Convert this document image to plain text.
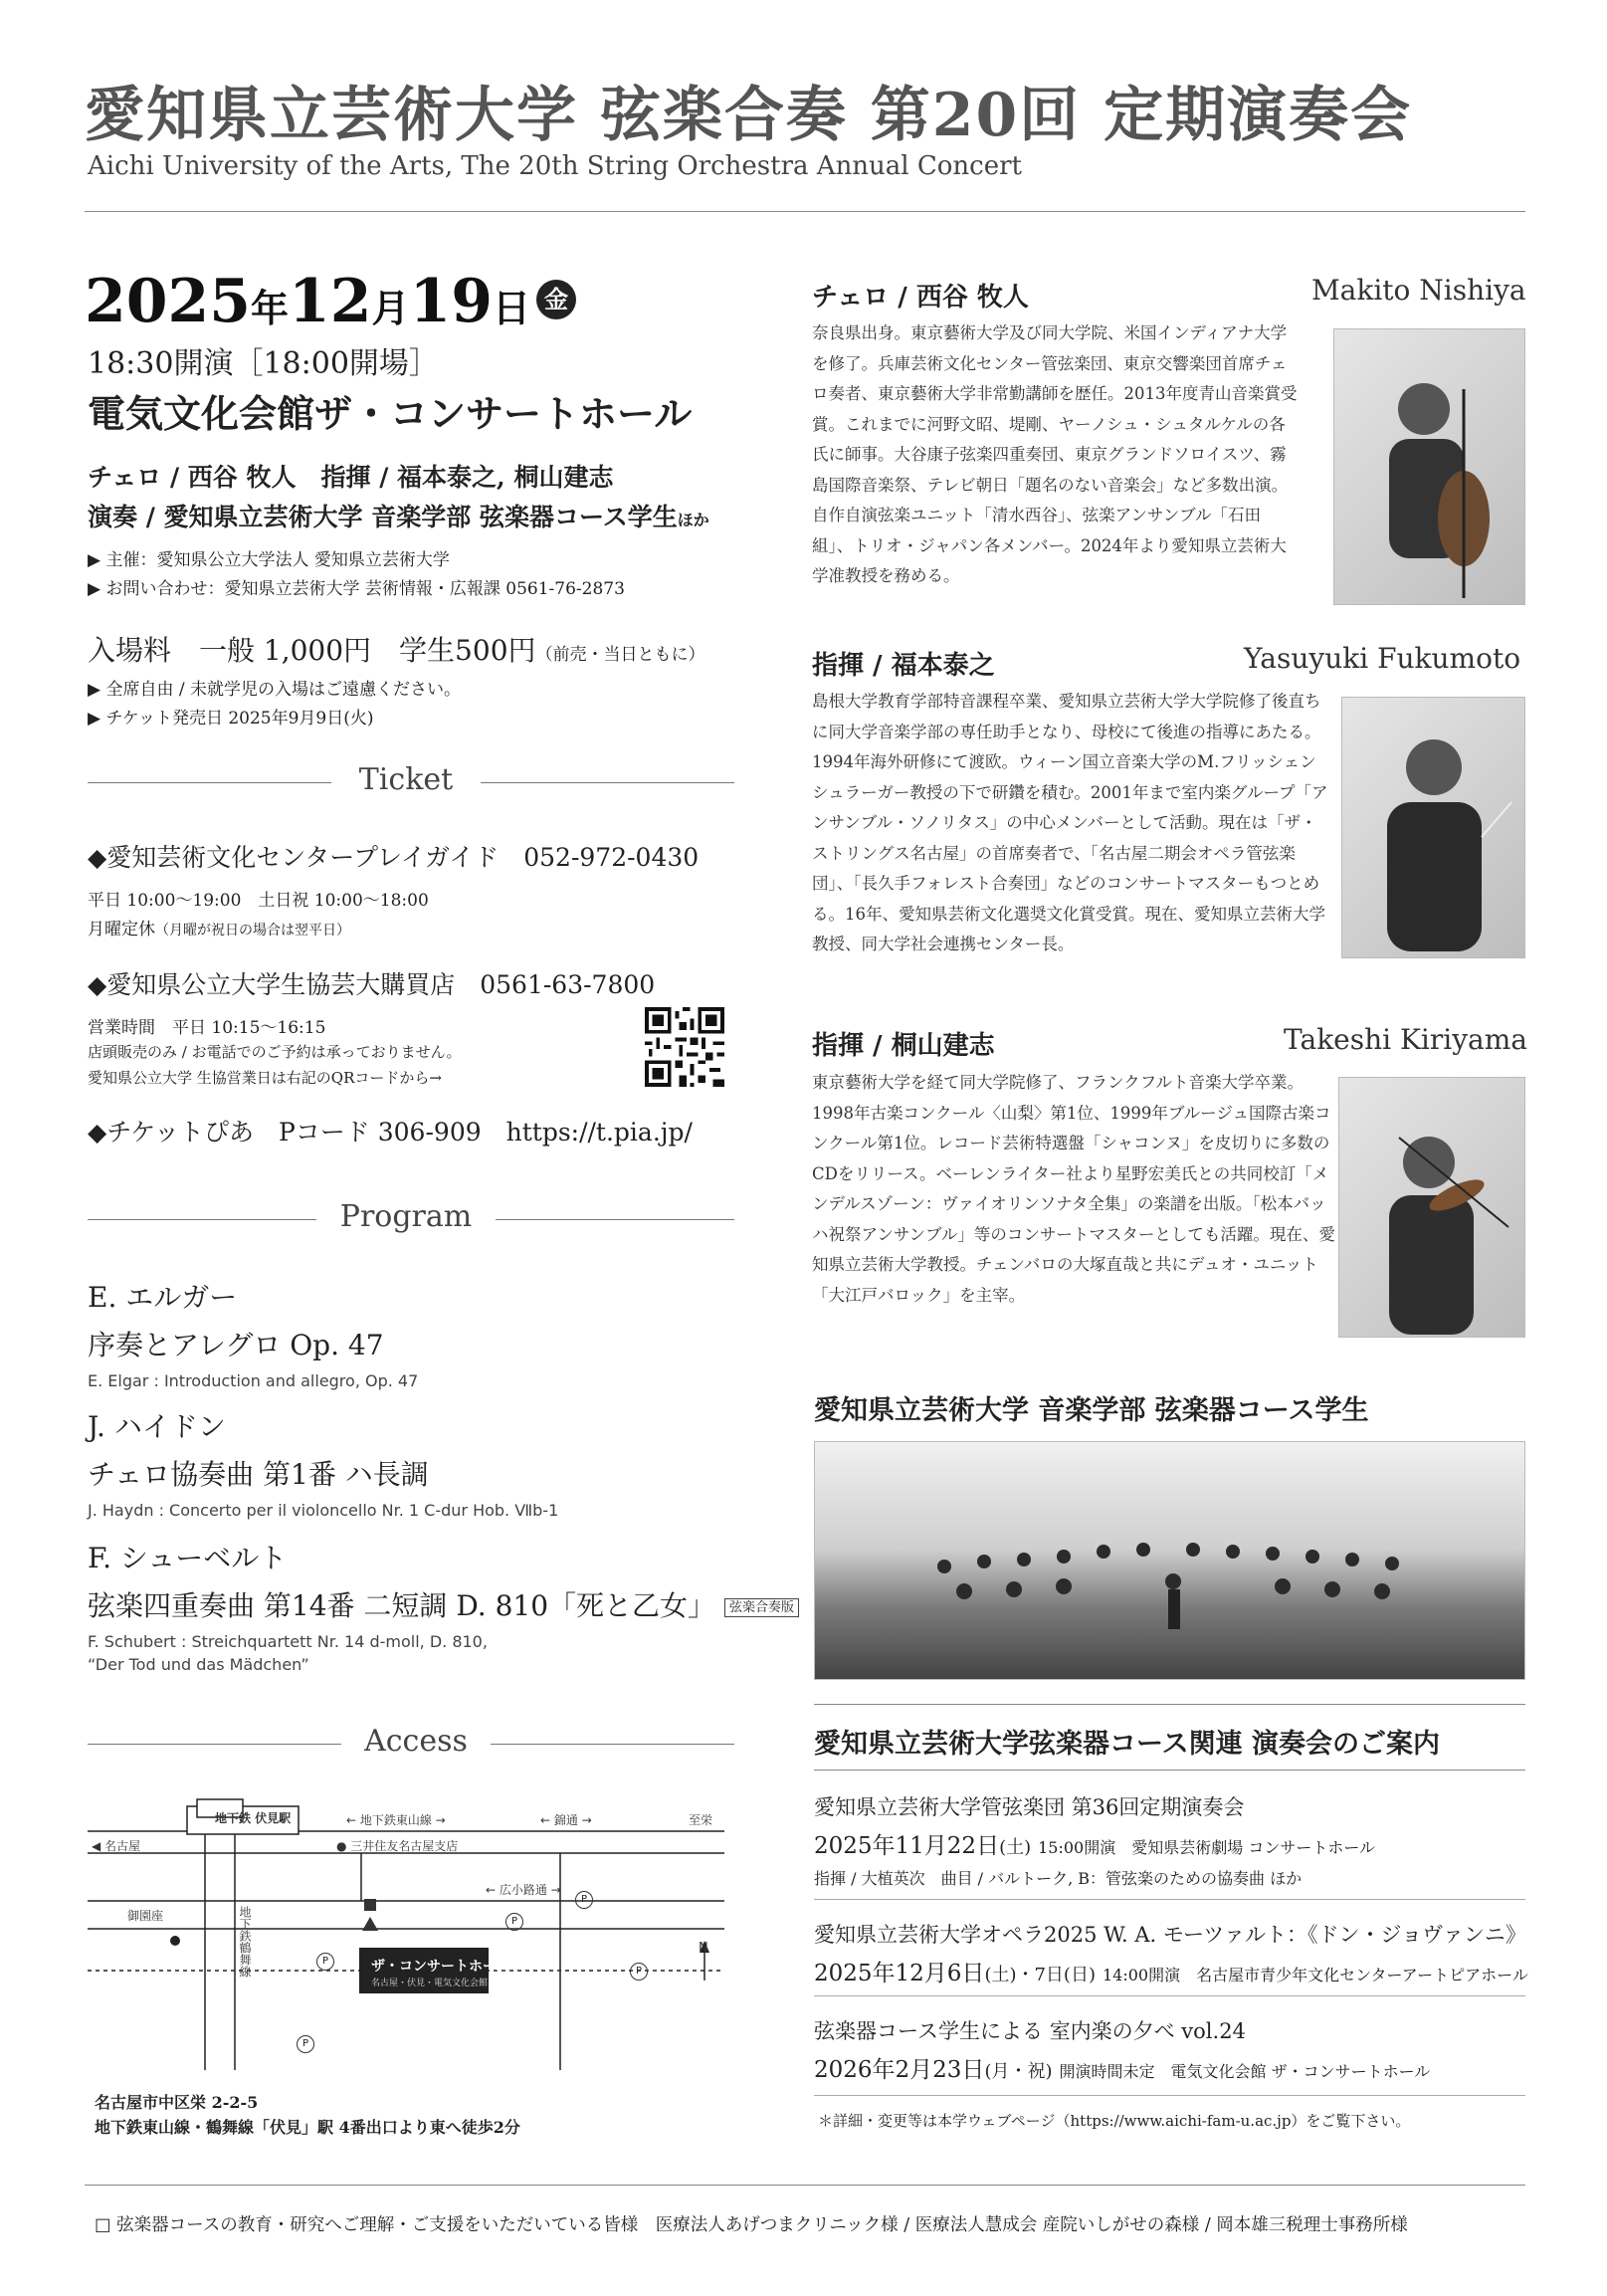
愛知県立芸術大学 弦楽合奏 第20回 定期演奏会
Aichi University of the Arts, The 20th String Orchestra Annual Concert
2025年12月19日 金
18:30開演［18:00開場］
電気文化会館ザ・コンサートホール
チェロ / 西谷 牧人　指揮 / 福本泰之, 桐山建志
演奏 / 愛知県立芸術大学 音楽学部 弦楽器コース学生ほか
▶ 主催：愛知県公立大学法人 愛知県立芸術大学
▶ お問い合わせ：愛知県立芸術大学 芸術情報・広報課 0561-76-2873
入場料　一般 1,000円　学生500円（前売・当日ともに）
▶ 全席自由 / 未就学児の入場はご遠慮ください。
▶ チケット発売日 2025年9月9日(火)
Ticket
◆愛知芸術文化センタープレイガイド　052-972-0430
平日 10:00～19:00　土日祝 10:00～18:00
月曜定休（月曜が祝日の場合は翌平日）
◆愛知県公立大学生協芸大購買店　0561-63-7800
営業時間　平日 10:15～16:15
店頭販売のみ / お電話でのご予約は承っておりません。
愛知県公立大学 生協営業日は右記のQRコードから→
◆チケットぴあ　Pコード 306-909　https://t.pia.jp/
Program
E. エルガー
序奏とアレグロ Op. 47
E. Elgar : Introduction and allegro, Op. 47
J. ハイドン
チェロ協奏曲 第1番 ハ長調
J. Haydn : Concerto per il violoncello Nr. 1 C-dur Hob. Ⅶb-1
F. シューベルト
弦楽四重奏曲 第14番 二短調 D. 810「死と乙女」 弦楽合奏版
F. Schubert : Streichquartett Nr. 14 d-moll, D. 810,
“Der Tod und das Mädchen”
Access
地下鉄 伏見駅	← 地下鉄東山線 →	← 錦通 →	至栄
◀ 名古屋	● 三井住友名古屋支店
← 広小路通 →
御園座	地下鉄鶴舞線	ザ・コンサートホール
名古屋・伏見・電気文化会館
N
P
P
P
P
P
名古屋市中区栄 2-2-5
地下鉄東山線・鶴舞線「伏見」駅 4番出口より東へ徒歩2分
チェロ / 西谷 牧人	Makito Nishiya
奈良県出身。東京藝術大学及び同大学院、米国インディアナ大学を修了。兵庫芸術文化センター管弦楽団、東京交響楽団首席チェロ奏者、東京藝術大学非常勤講師を歴任。2013年度青山音楽賞受賞。これまでに河野文昭、堤剛、ヤーノシュ・シュタルケルの各氏に師事。大谷康子弦楽四重奏団、東京グランドソロイスツ、霧島国際音楽祭、テレビ朝日「題名のない音楽会」など多数出演。自作自演弦楽ユニット「清水西谷」、弦楽アンサンブル「石田組」、トリオ・ジャパン各メンバー。2024年より愛知県立芸術大学准教授を務める。
指揮 / 福本泰之	Yasuyuki Fukumoto
島根大学教育学部特音課程卒業、愛知県立芸術大学大学院修了後直ちに同大学音楽学部の専任助手となり、母校にて後進の指導にあたる。1994年海外研修にて渡欧。ウィーン国立音楽大学のM.フリッシェンシュラーガー教授の下で研鑽を積む。2001年まで室内楽グループ「アンサンブル・ソノリタス」の中心メンバーとして活動。現在は「ザ・ストリングス名古屋」の首席奏者で、「名古屋二期会オペラ管弦楽団」、「長久手フォレスト合奏団」などのコンサートマスターもつとめる。16年、愛知県芸術文化選奨文化賞受賞。現在、愛知県立芸術大学教授、同大学社会連携センター長。
指揮 / 桐山建志	Takeshi Kiriyama
東京藝術大学を経て同大学院修了、フランクフルト音楽大学卒業。1998年古楽コンクール〈山梨〉第1位、1999年ブルージュ国際古楽コンクール第1位。レコード芸術特選盤「シャコンヌ」を皮切りに多数のCDをリリース。ベーレンライター社より星野宏美氏との共同校訂「メンデルスゾーン：ヴァイオリンソナタ全集」の楽譜を出版。「松本バッハ祝祭アンサンブル」等のコンサートマスターとしても活躍。現在、愛知県立芸術大学教授。チェンバロの大塚直哉と共にデュオ・ユニット「大江戸バロック」を主宰。
愛知県立芸術大学 音楽学部 弦楽器コース学生
愛知県立芸術大学弦楽器コース関連 演奏会のご案内
愛知県立芸術大学管弦楽団 第36回定期演奏会
2025年11月22日(土) 15:00開演　愛知県芸術劇場 コンサートホール
指揮 / 大植英次　曲目 / バルトーク, B：管弦楽のための協奏曲 ほか
愛知県立芸術大学オペラ2025 W. A. モーツァルト：《ドン・ジョヴァンニ》
2025年12月6日(土)・7日(日) 14:00開演　名古屋市青少年文化センターアートピアホール
弦楽器コース学生による 室内楽の夕べ vol.24
2026年2月23日(月・祝) 開演時間未定　電気文化会館 ザ・コンサートホール
＊詳細・変更等は本学ウェブページ（https://www.aichi-fam-u.ac.jp）をご覧下さい。
□ 弦楽器コースの教育・研究へご理解・ご支援をいただいている皆様　医療法人あげつまクリニック様 / 医療法人慧成会 産院いしがせの森様 / 岡本雄三税理士事務所様
